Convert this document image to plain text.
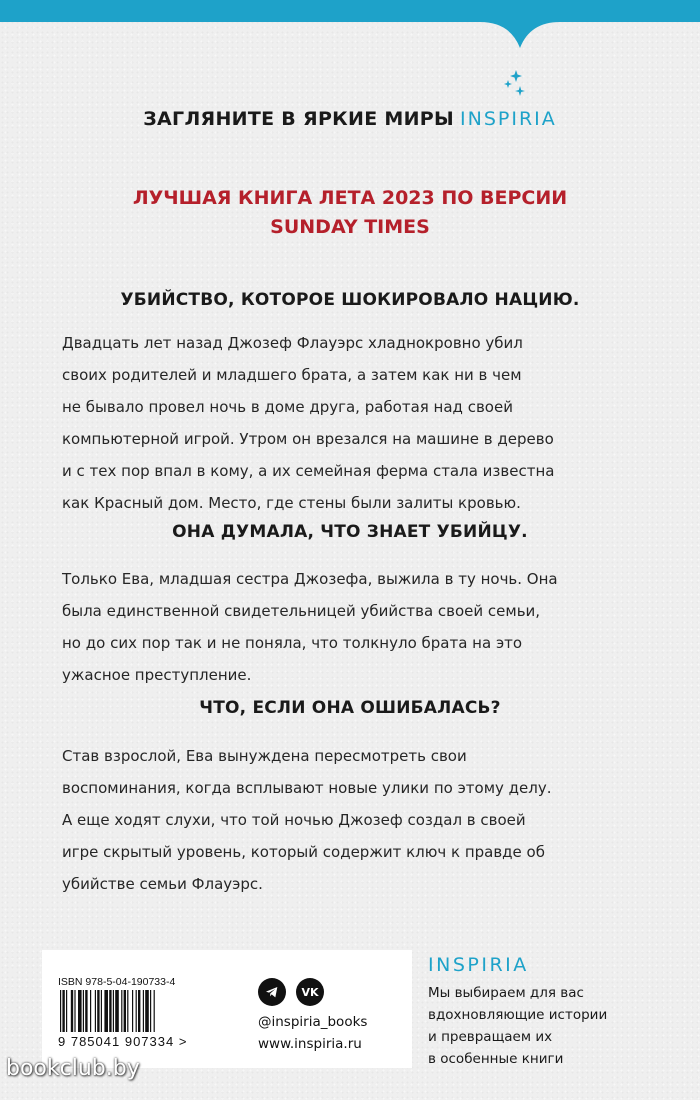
ЗАГЛЯНИТЕ В ЯРКИЕ МИРЫ INSPIRIA
ЛУЧШАЯ КНИГА ЛЕТА 2023 ПО ВЕРСИИ
SUNDAY TIMES
УБИЙСТВО, КОТОРОЕ ШОКИРОВАЛО НАЦИЮ.

Двадцать лет назад Джозеф Флауэрс хладнокровно убил
своих родителей и младшего брата, а затем как ни в чем
не бывало провел ночь в доме друга, работая над своей
компьютерной игрой. Утром он врезался на машине в дерево
и с тех пор впал в кому, а их семейная ферма стала известна
как Красный дом. Место, где стены были залиты кровью.

ОНА ДУМАЛА, ЧТО ЗНАЕТ УБИЙЦУ.

Только Ева, младшая сестра Джозефа, выжила в ту ночь. Она
была единственной свидетельницей убийства своей семьи,
но до сих пор так и не поняла, что толкнуло брата на это
ужасное преступление.

ЧТО, ЕСЛИ ОНА ОШИБАЛАСЬ?

Став взрослой, Ева вынуждена пересмотреть свои
воспоминания, когда всплывают новые улики по этому делу.
А еще ходят слухи, что той ночью Джозеф создал в своей
игре скрытый уровень, который содержит ключ к правде об
убийстве семьи Флауэрс.

ISBN 978-5-04-190733-4
9 785041 907334 >
VK
@inspiria_books
www.inspiria.ru
INSPIRIA
Мы выбираем для вас
вдохновляющие истории
и превращаем их
в особенные книги
bookclub.by
